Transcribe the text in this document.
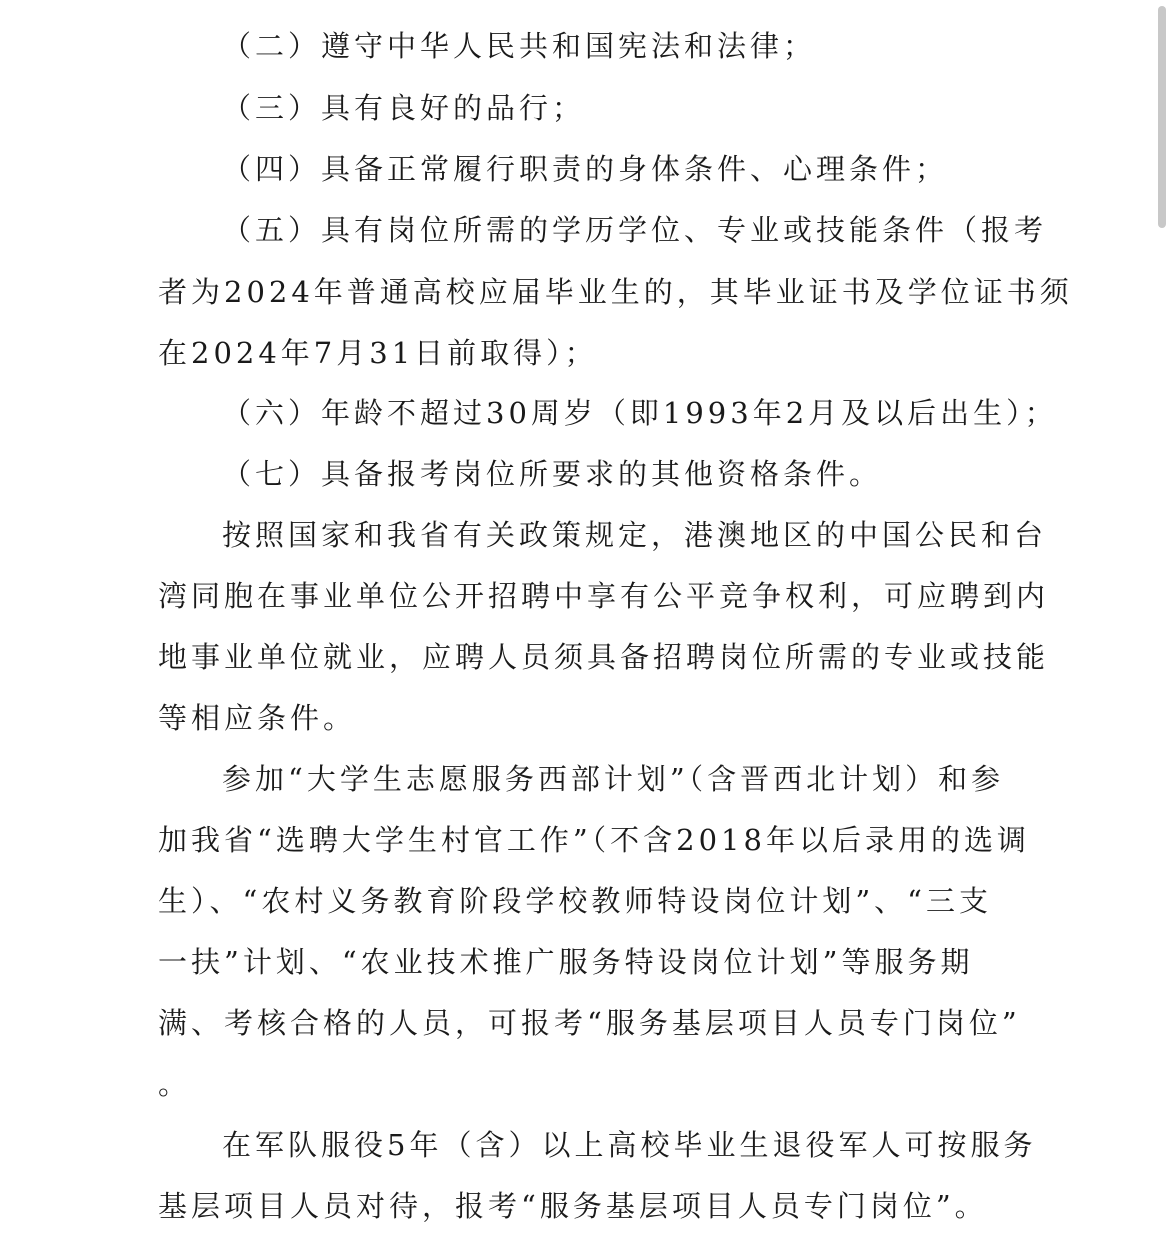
（二）遵守中华人民共和国宪法和法律；
（三）具有良好的品行；
（四）具备正常履行职责的身体条件、心理条件；
（五）具有岗位所需的学历学位、专业或技能条件（报考
者为2024年普通高校应届毕业生的，其毕业证书及学位证书须
在2024年7月31日前取得）；
（六）年龄不超过30周岁（即1993年2月及以后出生）；
（七）具备报考岗位所要求的其他资格条件。
按照国家和我省有关政策规定，港澳地区的中国公民和台
湾同胞在事业单位公开招聘中享有公平竞争权利，可应聘到内
地事业单位就业，应聘人员须具备招聘岗位所需的专业或技能
等相应条件。
参加“大学生志愿服务西部计划”（含晋西北计划）和参
加我省“选聘大学生村官工作”（不含2018年以后录用的选调
生）、“农村义务教育阶段学校教师特设岗位计划”、“三支
一扶”计划、“农业技术推广服务特设岗位计划”等服务期
满、考核合格的人员，可报考“服务基层项目人员专门岗位”
。
在军队服役5年（含）以上高校毕业生退役军人可按服务
基层项目人员对待，报考“服务基层项目人员专门岗位”。
